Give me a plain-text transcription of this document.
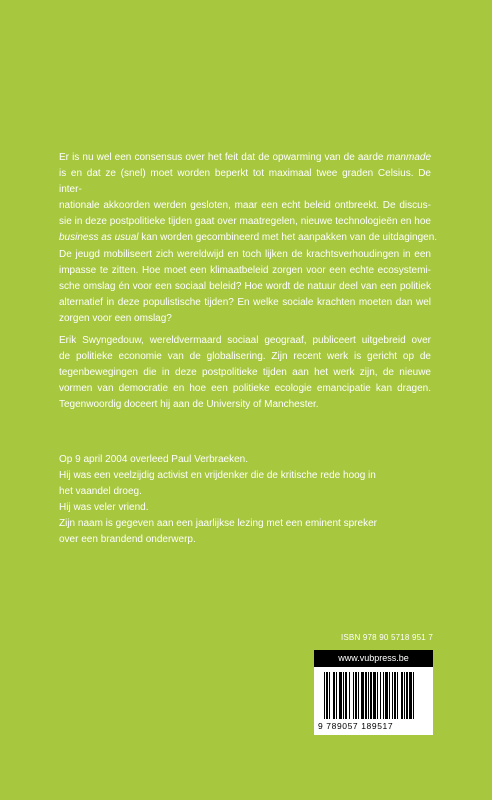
Er is nu wel een consensus over het feit dat de opwarming van de aarde manmade
is en dat ze (snel) moet worden beperkt tot maximaal twee graden Celsius. De inter-
nationale akkoorden werden gesloten, maar een echt beleid ontbreekt. De discus-
sie in deze postpolitieke tijden gaat over maatregelen, nieuwe technologieën en hoe
business as usual kan worden gecombineerd met het aanpakken van de uitdagingen.
De jeugd mobiliseert zich wereldwijd en toch lijken de krachtsverhoudingen in een
impasse te zitten. Hoe moet een klimaatbeleid zorgen voor een echte ecosystemi-
sche omslag én voor een sociaal beleid? Hoe wordt de natuur deel van een politiek
alternatief in deze populistische tijden? En welke sociale krachten moeten dan wel
zorgen voor een omslag?
Erik Swyngedouw, wereldvermaard sociaal geograaf, publiceert uitgebreid over
de politieke economie van de globalisering. Zijn recent werk is gericht op de
tegenbewegingen die in deze postpolitieke tijden aan het werk zijn, de nieuwe
vormen van democratie en hoe een politieke ecologie emancipatie kan dragen.
Tegenwoordig doceert hij aan de University of Manchester.
Op 9 april 2004 overleed Paul Verbraeken.
Hij was een veelzijdig activist en vrijdenker die de kritische rede hoog in
het vaandel droeg.
Hij was veler vriend.
Zijn naam is gegeven aan een jaarlijkse lezing met een eminent spreker
over een brandend onderwerp.
ISBN 978 90 5718 951 7
www.vubpress.be
9 789057 189517
